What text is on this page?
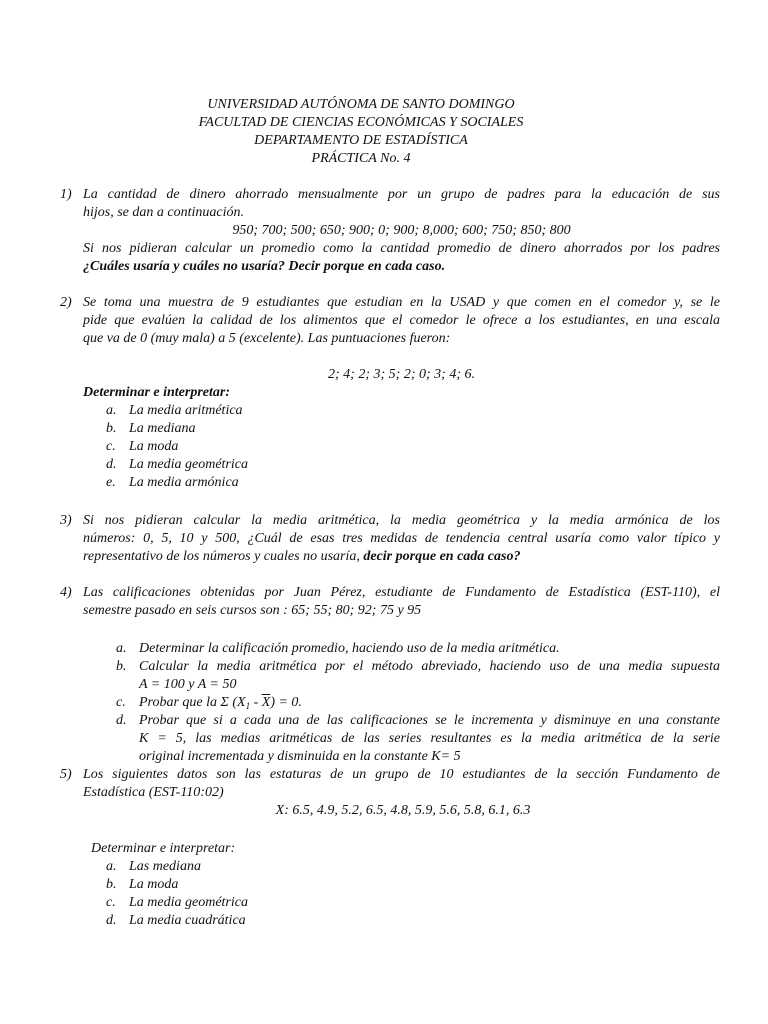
UNIVERSIDAD AUTÓNOMA DE SANTO DOMINGO
FACULTAD DE CIENCIAS ECONÓMICAS Y SOCIALES
DEPARTAMENTO DE ESTADÍSTICA
PRÁCTICA No. 4
1) La cantidad de dinero ahorrado mensualmente por un grupo de padres para la educación de sus
hijos, se dan a continuación.
950; 700; 500; 650; 900; 0; 900; 8,000; 600; 750; 850; 800
Si nos pidieran calcular un promedio como la cantidad promedio de dinero ahorrados por los padres
¿Cuáles usaría y cuáles no usaría? Decir porque en cada caso.
2) Se toma una muestra de 9 estudiantes que estudian en la USAD y que comen en el comedor y, se le
pide que evalúen la calidad de los alimentos que el comedor le ofrece a los estudiantes, en una escala
que va de 0 (muy mala) a 5 (excelente). Las puntuaciones fueron:
2; 4; 2; 3; 5; 2; 0; 3; 4; 6.
Determinar e interpretar:
a. La media aritmética
b. La mediana
c. La moda
d. La media geométrica
e. La media armónica
3) Si nos pidieran calcular la media aritmética, la media geométrica y la media armónica de los
números: 0, 5, 10 y 500, ¿Cuál de esas tres medidas de tendencia central usaría como valor típico y
representativo de los números y cuales no usaría, decir porque en cada caso?
4) Las calificaciones obtenidas por Juan Pérez, estudiante de Fundamento de Estadística (EST-110), el
semestre pasado en seis cursos son : 65; 55; 80; 92; 75 y 95
a. Determinar la calificación promedio, haciendo uso de la media aritmética.
b. Calcular la media aritmética por el método abreviado, haciendo uso de una media supuesta
A = 100 y A = 50
c. Probar que la Σ $(X_1 - \overline{X}) = 0$.
d. Probar que si a cada una de las calificaciones se le incrementa y disminuye en una constante
K = 5, las medias aritméticas de las series resultantes es la media aritmética de la serie
original incrementada y disminuida en la constante K= 5
5) Los siguientes datos son las estaturas de un grupo de 10 estudiantes de la sección Fundamento de
Estadística (EST-110:02)
X: 6.5, 4.9, 5.2, 6.5, 4.8, 5.9, 5.6, 5.8, 6.1, 6.3
Determinar e interpretar:
a. Las mediana
b. La moda
c. La media geométrica
d. La media cuadrática
